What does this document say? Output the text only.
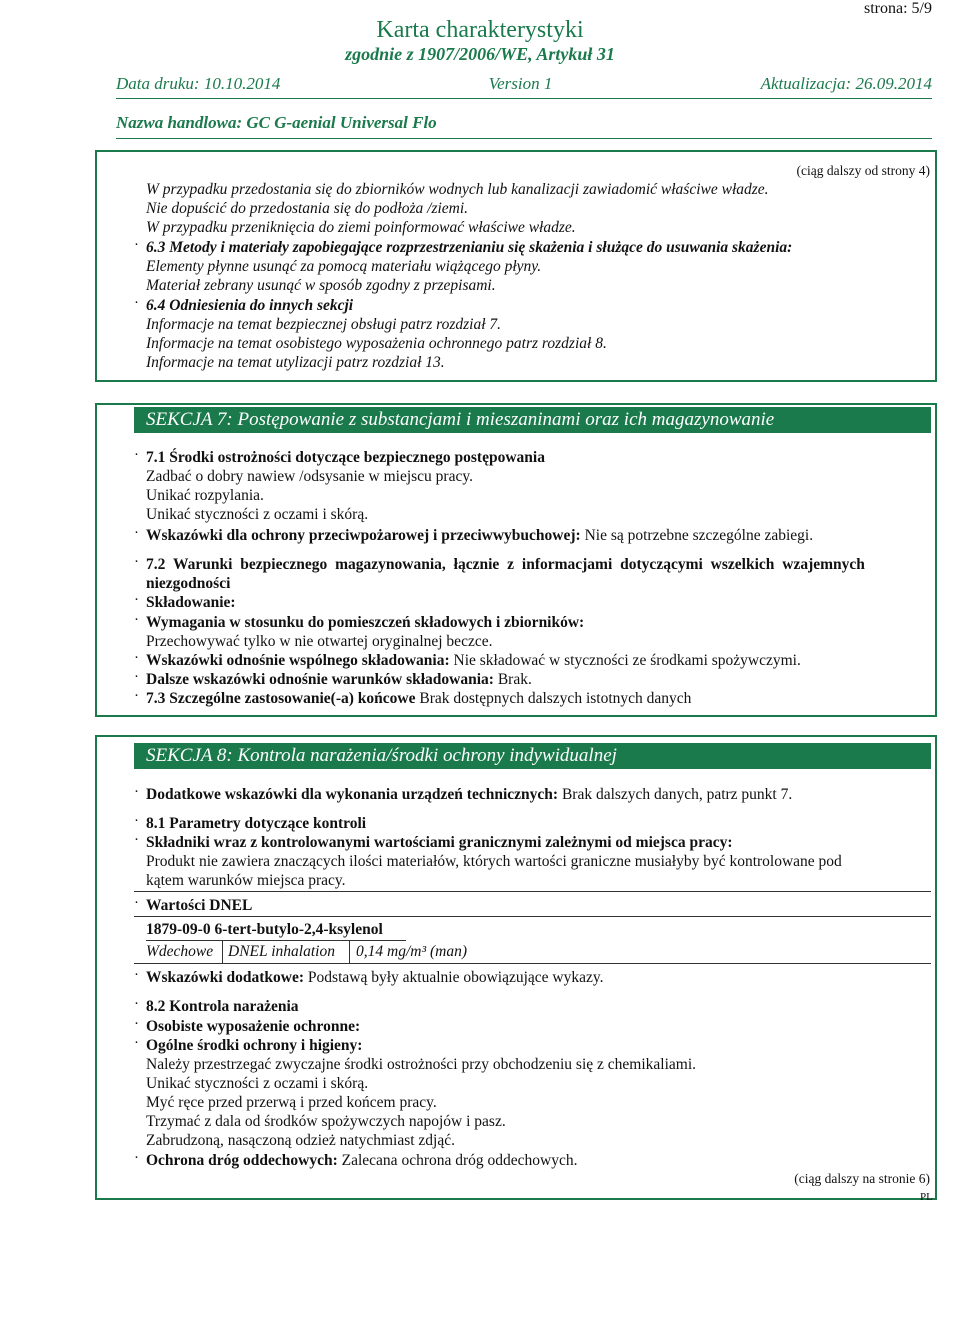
strona: 5/9
Karta charakterystyki
zgodnie z 1907/2006/WE, Artykuł 31
Data druku: 10.10.2014	Version 1	Aktualizacja: 26.09.2014
Nazwa handlowa: GC G-aenial Universal Flo
(ciąg dalszy od strony 4)
W przypadku przedostania się do zbiorników wodnych lub kanalizacji zawiadomić właściwe władze.
Nie dopuścić do przedostania się do podłoża /ziemi.
W przypadku przeniknięcia do ziemi poinformować właściwe władze.
· 6.3 Metody i materiały zapobiegające rozprzestrzenianiu się skażenia i służące do usuwania skażenia:
Elementy płynne usunąć za pomocą materiału wiążącego płyny.
Materiał zebrany usunąć w sposób zgodny z przepisami.
· 6.4 Odniesienia do innych sekcji
Informacje na temat bezpiecznej obsługi patrz rozdział 7.
Informacje na temat osobistego wyposażenia ochronnego patrz rozdział 8.
Informacje na temat utylizacji patrz rozdział 13.
SEKCJA 7: Postępowanie z substancjami i mieszaninami oraz ich magazynowanie
· 7.1 Środki ostrożności dotyczące bezpiecznego postępowania
Zadbać o dobry nawiew /odsysanie w miejscu pracy.
Unikać rozpylania.
Unikać styczności z oczami i skórą.
· Wskazówki dla ochrony przeciwpożarowej i przeciwwybuchowej: Nie są potrzebne szczególne zabiegi.
· 7.2 Warunki bezpiecznego magazynowania, łącznie z informacjami dotyczącymi wszelkich wzajemnych
niezgodności
· Składowanie:
· Wymagania w stosunku do pomieszczeń składowych i zbiorników:
Przechowywać tylko w nie otwartej oryginalnej beczce.
· Wskazówki odnośnie wspólnego składowania: Nie składować w styczności ze środkami spożywczymi.
· Dalsze wskazówki odnośnie warunków składowania: Brak.
· 7.3 Szczególne zastosowanie(-a) końcowe Brak dostępnych dalszych istotnych danych
SEKCJA 8: Kontrola narażenia/środki ochrony indywidualnej
· Dodatkowe wskazówki dla wykonania urządzeń technicznych: Brak dalszych danych, patrz punkt 7.
· 8.1 Parametry dotyczące kontroli
· Składniki wraz z kontrolowanymi wartościami granicznymi zależnymi od miejsca pracy:
Produkt nie zawiera znaczących ilości materiałów, których wartości graniczne musiałyby być kontrolowane pod
kątem warunków miejsca pracy.
· Wartości DNEL
1879-09-0 6-tert-butylo-2,4-ksylenol
Wdechowe DNEL inhalation 0,14 mg/m³ (man)
· Wskazówki dodatkowe: Podstawą były aktualnie obowiązujące wykazy.
· 8.2 Kontrola narażenia
· Osobiste wyposażenie ochronne:
· Ogólne środki ochrony i higieny:
Należy przestrzegać zwyczajne środki ostrożności przy obchodzeniu się z chemikaliami.
Unikać styczności z oczami i skórą.
Myć ręce przed przerwą i przed końcem pracy.
Trzymać z dala od środków spożywczych napojów i pasz.
Zabrudzoną, nasączoną odzież natychmiast zdjąć.
· Ochrona dróg oddechowych: Zalecana ochrona dróg oddechowych.
(ciąg dalszy na stronie 6)
PL
